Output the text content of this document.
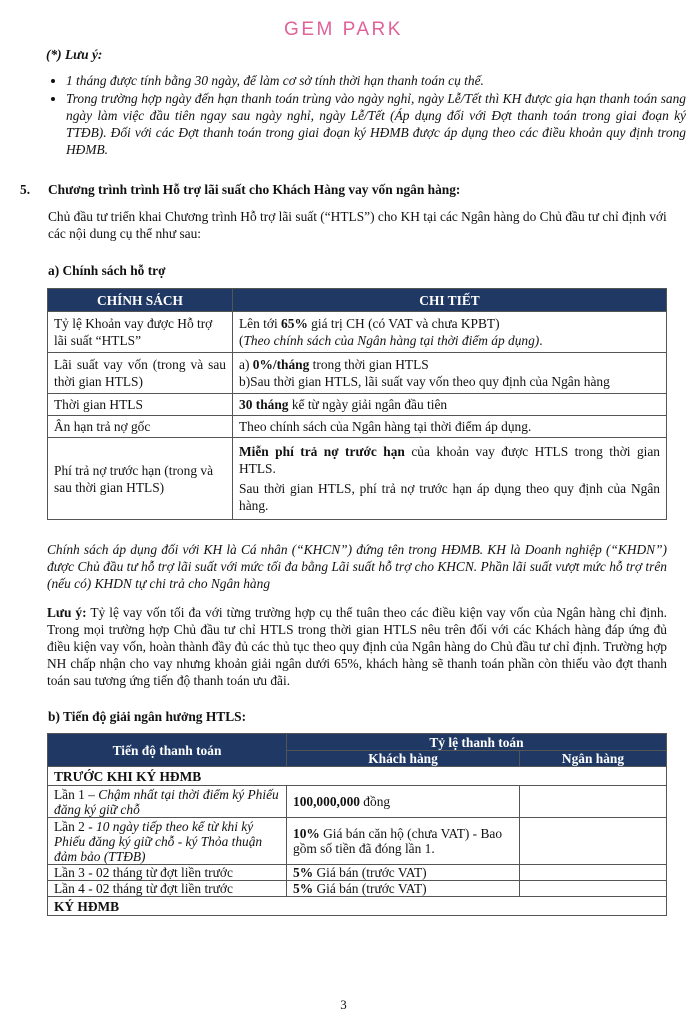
GEM PARK
(*) Lưu ý:
• 1 tháng được tính bằng 30 ngày, để làm cơ sở tính thời hạn thanh toán cụ thể.
• Trong trường hợp ngày đến hạn thanh toán trùng vào ngày nghỉ, ngày Lễ/Tết thì KH được gia hạn thanh toán sang ngày làm việc đầu tiên ngay sau ngày nghỉ, ngày Lễ/Tết (Áp dụng đối với Đợt thanh toán trong giai đoạn ký TTĐB). Đối với các Đợt thanh toán trong giai đoạn ký HĐMB được áp dụng theo các điều khoản quy định trong HĐMB.
5. Chương trình trình Hỗ trợ lãi suất cho Khách Hàng vay vốn ngân hàng:
Chủ đầu tư triển khai Chương trình Hỗ trợ lãi suất (“HTLS”) cho KH tại các Ngân hàng do Chủ đầu tư chỉ định với các nội dung cụ thể như sau:
a) Chính sách hỗ trợ
CHÍNH SÁCH	CHI TIẾT
Tỷ lệ Khoản vay được Hỗ trợ lãi suất “HTLS”	Lên tới 65% giá trị CH (có VAT và chưa KPBT)
(Theo chính sách của Ngân hàng tại thời điểm áp dụng).

Lãi suất vay vốn (trong và sau thời gian HTLS)	a) 0%/tháng trong thời gian HTLS
b)Sau thời gian HTLS, lãi suất vay vốn theo quy định của Ngân hàng

Thời gian HTLS	30 tháng kể từ ngày giải ngân đầu tiên
Ân hạn trả nợ gốc	Theo chính sách của Ngân hàng tại thời điểm áp dụng.
Phí trả nợ trước hạn (trong và sau thời gian HTLS)	Miễn phí trả nợ trước hạn của khoản vay được HTLS trong thời gian HTLS.
Sau thời gian HTLS, phí trả nợ trước hạn áp dụng theo quy định của Ngân hàng.
Chính sách áp dụng đối với KH là Cá nhân (“KHCN”) đứng tên trong HĐMB. KH là Doanh nghiệp (“KHDN”) được Chủ đầu tư hỗ trợ lãi suất với mức tối đa bằng Lãi suất hỗ trợ cho KHCN. Phần lãi suất vượt mức hỗ trợ trên (nếu có) KHDN tự chi trả cho Ngân hàng
Lưu ý: Tỷ lệ vay vốn tối đa với từng trường hợp cụ thể tuân theo các điều kiện vay vốn của Ngân hàng chỉ định. Trong mọi trường hợp Chủ đầu tư chỉ HTLS trong thời gian HTLS nêu trên đối với các Khách hàng đáp ứng đủ điều kiện vay vốn, hoàn thành đầy đủ các thủ tục theo quy định của Ngân hàng do Chủ đầu tư chỉ định. Trường hợp NH chấp nhận cho vay nhưng khoản giải ngân dưới 65%, khách hàng sẽ thanh toán phần còn thiếu vào đợt thanh toán sau tương ứng tiến độ thanh toán ưu đãi.
b) Tiến độ giải ngân hưởng HTLS:
Tiến độ thanh toán	Tỷ lệ thanh toán	
	Khách hàng	Ngân hàng
TRƯỚC KHI KÝ HĐMB		
Lần 1 – Chậm nhất tại thời điểm ký Phiếu đăng ký giữ chỗ	100,000,000 đồng	
Lần 2 - 10 ngày tiếp theo kể từ khi ký Phiếu đăng ký giữ chỗ - ký Thỏa thuận đảm bảo (TTĐB)	10% Giá bán căn hộ (chưa VAT) - Bao gồm số tiền đã đóng lần 1.	
Lần 3 - 02 tháng từ đợt liền trước	5% Giá bán (trước VAT)	
Lần 4 - 02 tháng từ đợt liền trước	5% Giá bán (trước VAT)	
KÝ HĐMB		
3
